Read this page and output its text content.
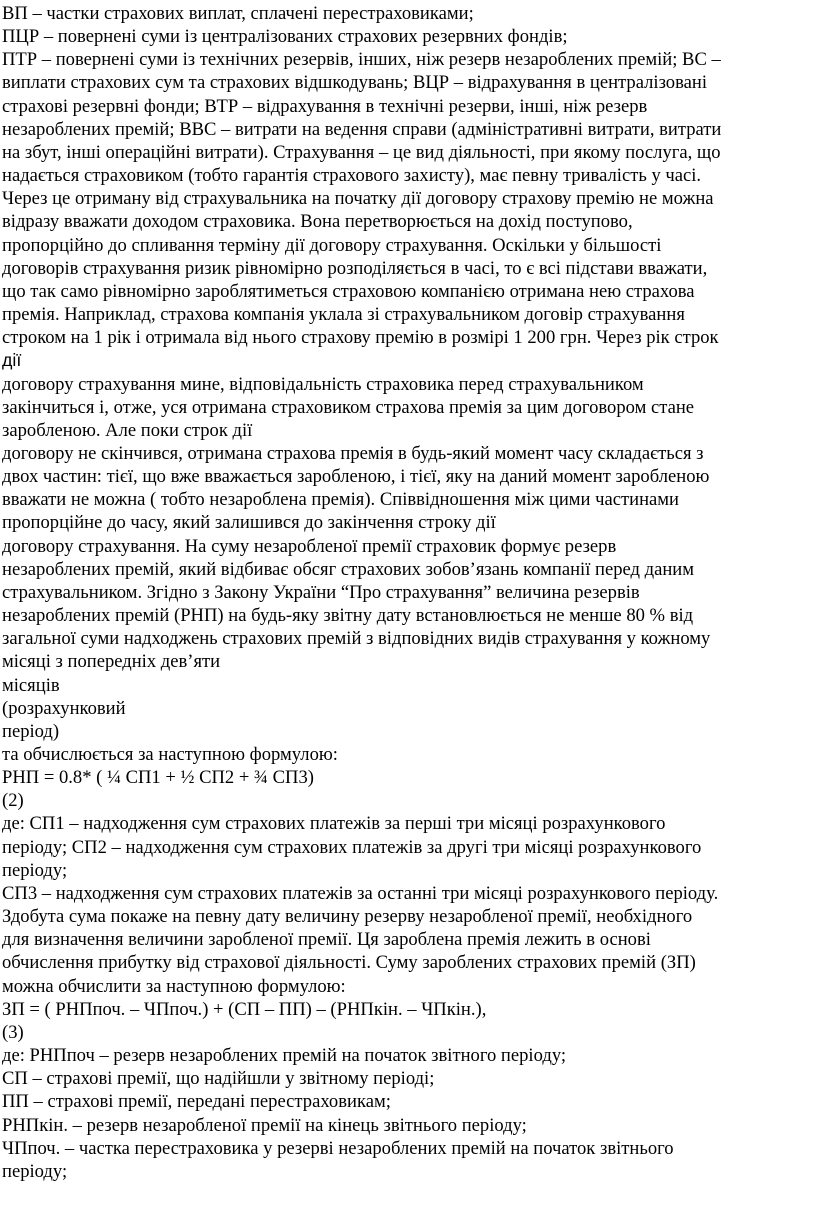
ВП – частки страхових виплат, сплачені перестраховиками;
ПЦР – повернені суми із централізованих страхових резервних фондів;
ПТР – повернені суми із технічних резервів, інших, ніж резерв незароблених премій; ВС –
виплати страхових сум та страхових відшкодувань; ВЦР – відрахування в централізовані
страхові резервні фонди; ВТР – відрахування в технічні резерви, інші, ніж резерв
незароблених премій; ВВС – витрати на ведення справи (адміністративні витрати, витрати
на збут, інші операційні витрати). Страхування – це вид діяльності, при якому послуга, що
надається страховиком (тобто гарантія страхового захисту), має певну тривалість у часі.
Через це отриману від страхувальника на початку дії договору страхову премію не можна
відразу вважати доходом страховика. Вона перетворюється на дохід поступово,
пропорційно до спливання терміну дії договору страхування. Оскільки у більшості
договорів страхування ризик рівномірно розподіляється в часі, то є всі підстави вважати,
що так само рівномірно зароблятиметься страховою компанією отримана нею страхова
премія. Наприклад, страхова компанія уклала зі страхувальником договір страхування
строком на 1 рік і отримала від нього страхову премію в розмірі 1 200 грн. Через рік строк
дії
договору страхування мине, відповідальність страховика перед страхувальником
закінчиться і, отже, уся отримана страховиком страхова премія за цим договором стане
заробленою. Але поки строк дії
договору не скінчився, отримана страхова премія в будь-який момент часу складається з
двох частин: тієї, що вже вважається заробленою, і тієї, яку на даний момент заробленою
вважати не можна ( тобто незароблена премія). Співвідношення між цими частинами
пропорційне до часу, який залишився до закінчення строку дії
договору страхування. На суму незаробленої премії страховик формує резерв
незароблених премій, який відбиває обсяг страхових зобов’язань компанії перед даним
страхувальником. Згідно з Закону України “Про страхування” величина резервів
незароблених премій (РНП) на будь-яку звітну дату встановлюється не менше 80 % від
загальної суми надходжень страхових премій з відповідних видів страхування у кожному
місяці з попередніх дев’яти
місяців
(розрахунковий
період)
та обчислюється за наступною формулою:
РНП = 0.8* ( ¼ СП1 + ½ СП2 + ¾ СП3)
(2)
де: СП1 – надходження сум страхових платежів за перші три місяці розрахункового
періоду; СП2 – надходження сум страхових платежів за другі три місяці розрахункового
періоду;
СП3 – надходження сум страхових платежів за останні три місяці розрахункового періоду.
Здобута сума покаже на певну дату величину резерву незаробленої премії, необхідного
для визначення величини заробленої премії. Ця зароблена премія лежить в основі
обчислення прибутку від страхової діяльності. Суму зароблених страхових премій (ЗП)
можна обчислити за наступною формулою:
ЗП = ( РНПпоч. – ЧПпоч.) + (СП – ПП) – (РНПкін. – ЧПкін.),
(3)
де: РНПпоч – резерв незароблених премій на початок звітного періоду;
СП – страхові премії, що надійшли у звітному періоді;
ПП – страхові премії, передані перестраховикам;
РНПкін. – резерв незаробленої премії на кінець звітнього періоду;
ЧПпоч. – частка перестраховика у резерві незароблених премій на початок звітнього
періоду;
